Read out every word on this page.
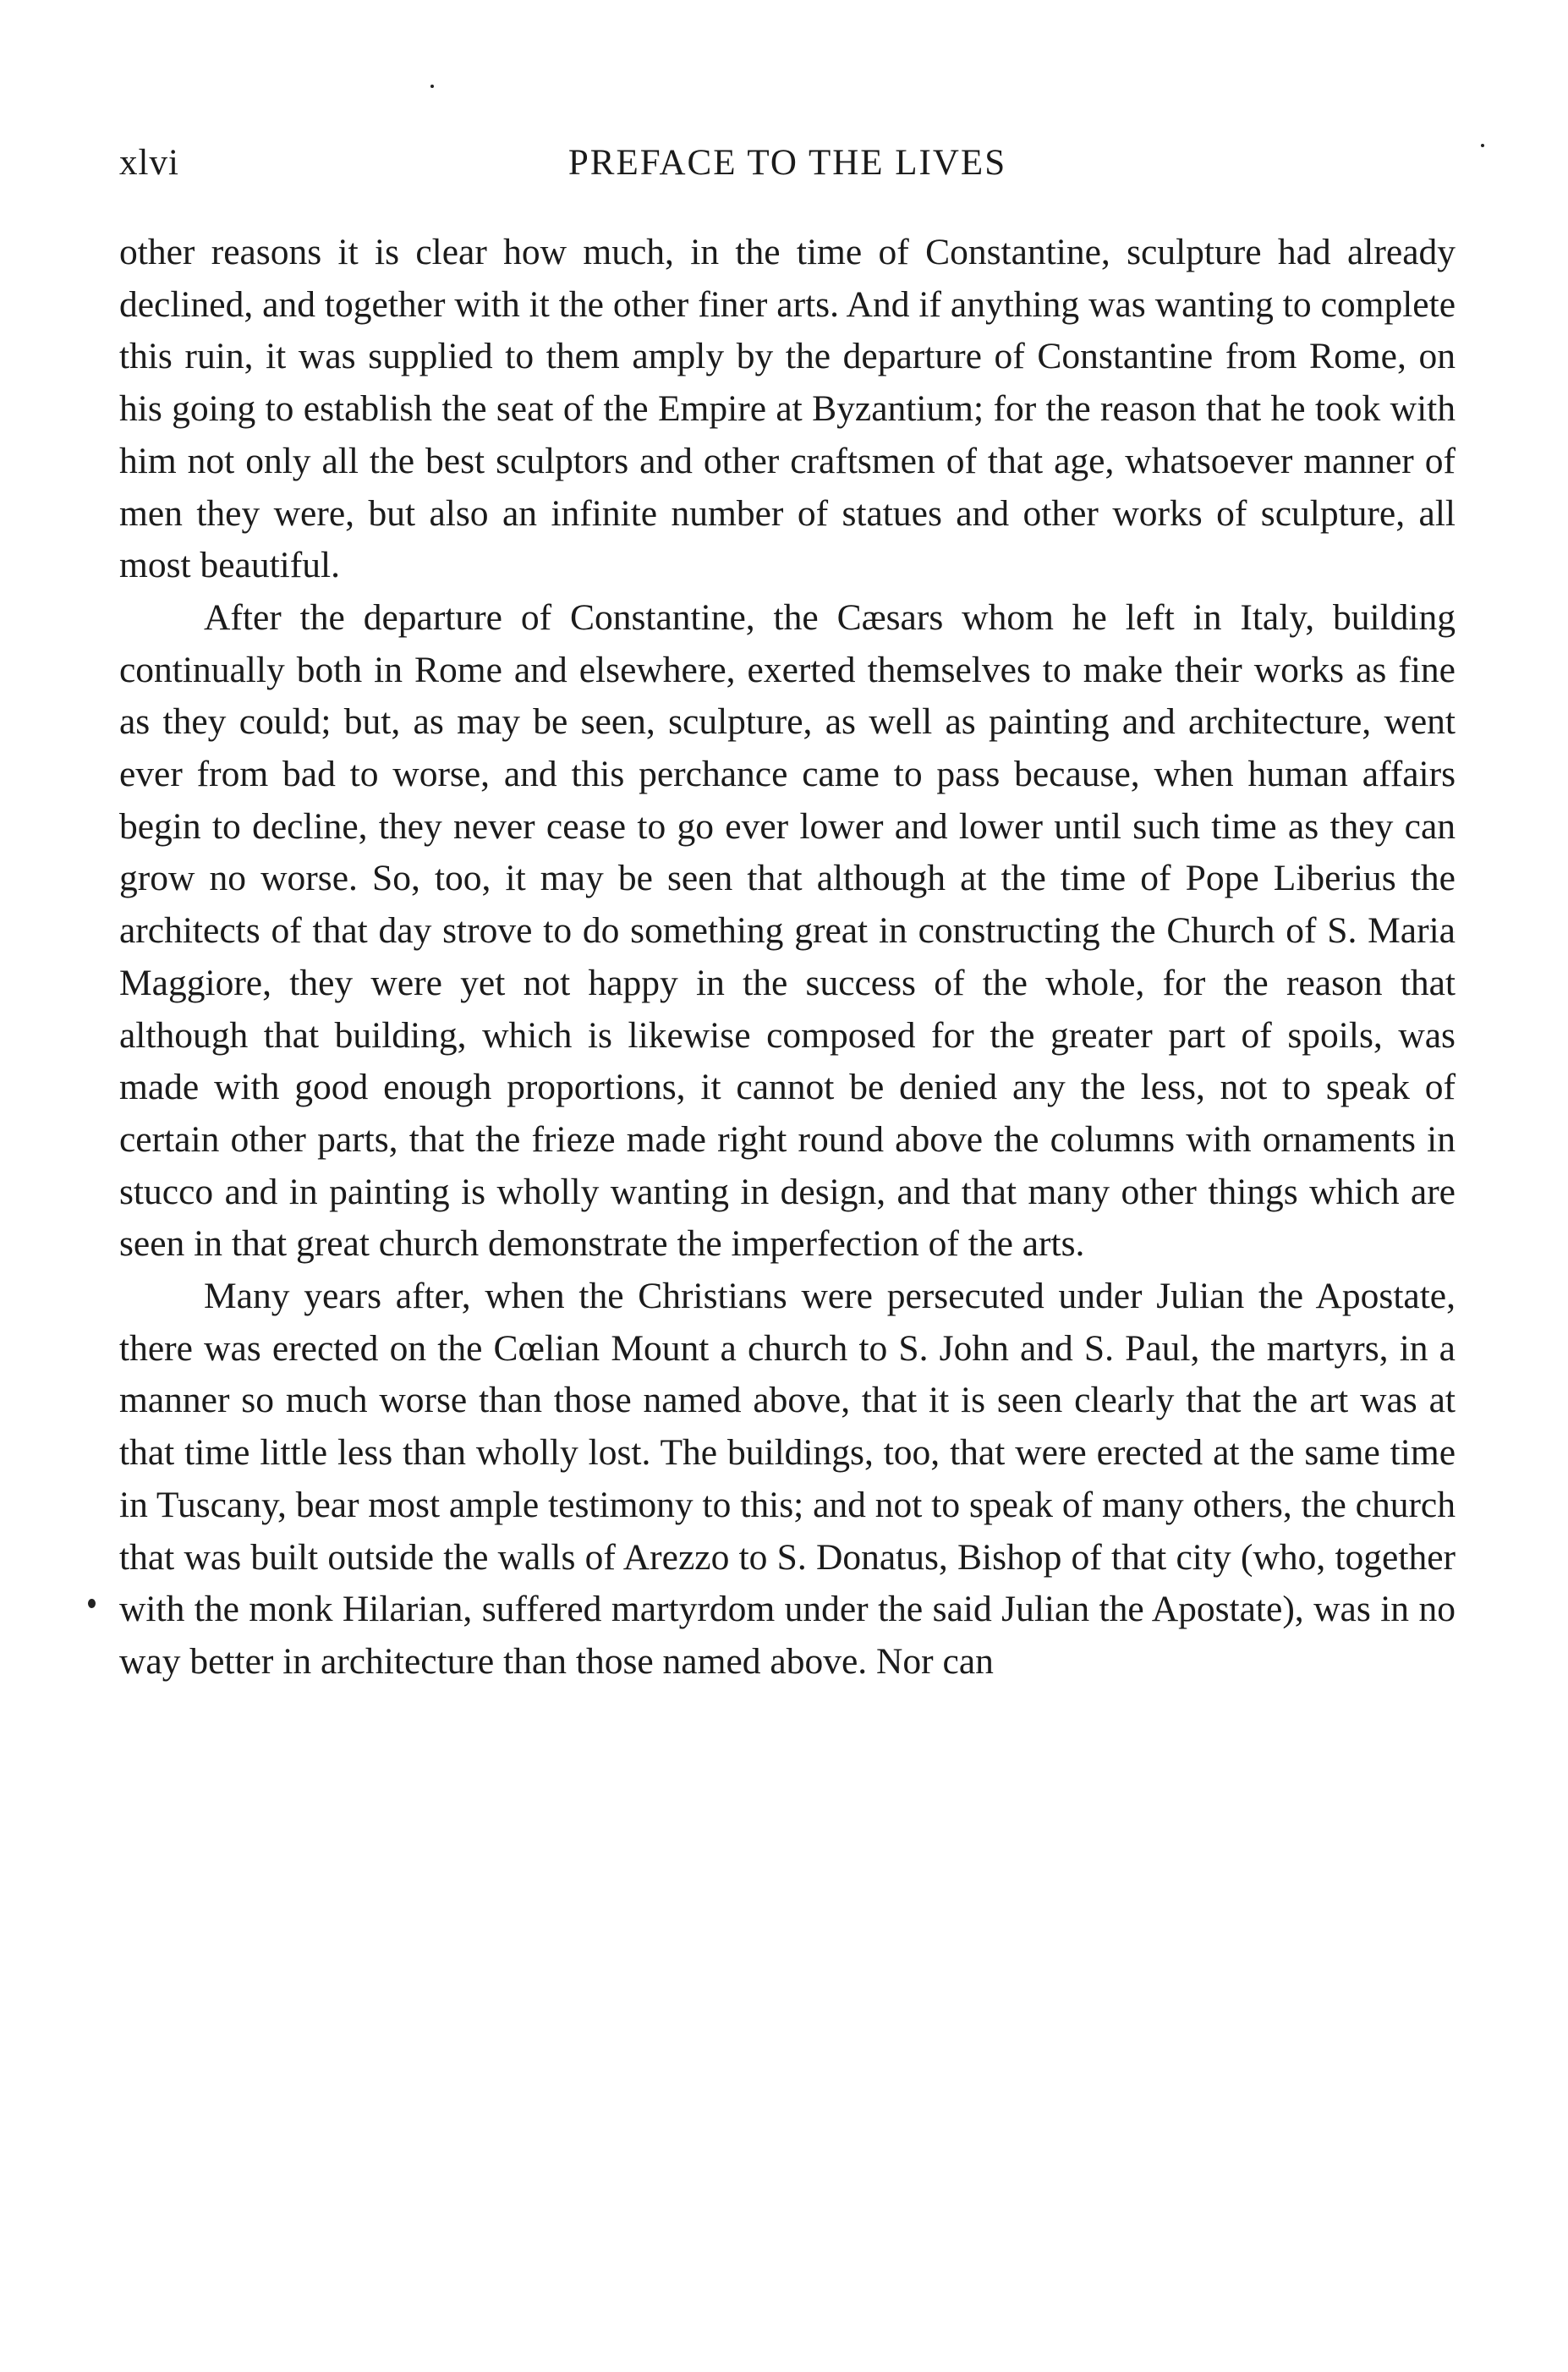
xlvi	PREFACE TO THE LIVES

other reasons it is clear how much, in the time of Constantine, sculpture had already declined, and together with it the other finer arts. And if anything was wanting to complete this ruin, it was supplied to them amply by the departure of Constantine from Rome, on his going to establish the seat of the Empire at Byzantium; for the reason that he took with him not only all the best sculptors and other craftsmen of that age, whatsoever manner of men they were, but also an infinite number of statues and other works of sculpture, all most beautiful.

After the departure of Constantine, the Cæsars whom he left in Italy, building continually both in Rome and elsewhere, exerted themselves to make their works as fine as they could; but, as may be seen, sculpture, as well as painting and architecture, went ever from bad to worse, and this perchance came to pass because, when human affairs begin to decline, they never cease to go ever lower and lower until such time as they can grow no worse. So, too, it may be seen that although at the time of Pope Liberius the architects of that day strove to do something great in constructing the Church of S. Maria Maggiore, they were yet not happy in the success of the whole, for the reason that although that building, which is likewise composed for the greater part of spoils, was made with good enough proportions, it cannot be denied any the less, not to speak of certain other parts, that the frieze made right round above the columns with ornaments in stucco and in painting is wholly wanting in design, and that many other things which are seen in that great church demonstrate the imperfection of the arts.

Many years after, when the Christians were persecuted under Julian the Apostate, there was erected on the Cœlian Mount a church to S. John and S. Paul, the martyrs, in a manner so much worse than those named above, that it is seen clearly that the art was at that time little less than wholly lost. The buildings, too, that were erected at the same time in Tuscany, bear most ample testimony to this; and not to speak of many others, the church that was built outside the walls of Arezzo to S. Donatus, Bishop of that city (who, together with the monk Hilarian, suffered martyrdom under the said Julian the Apostate), was in no way better in architecture than those named above. Nor can
